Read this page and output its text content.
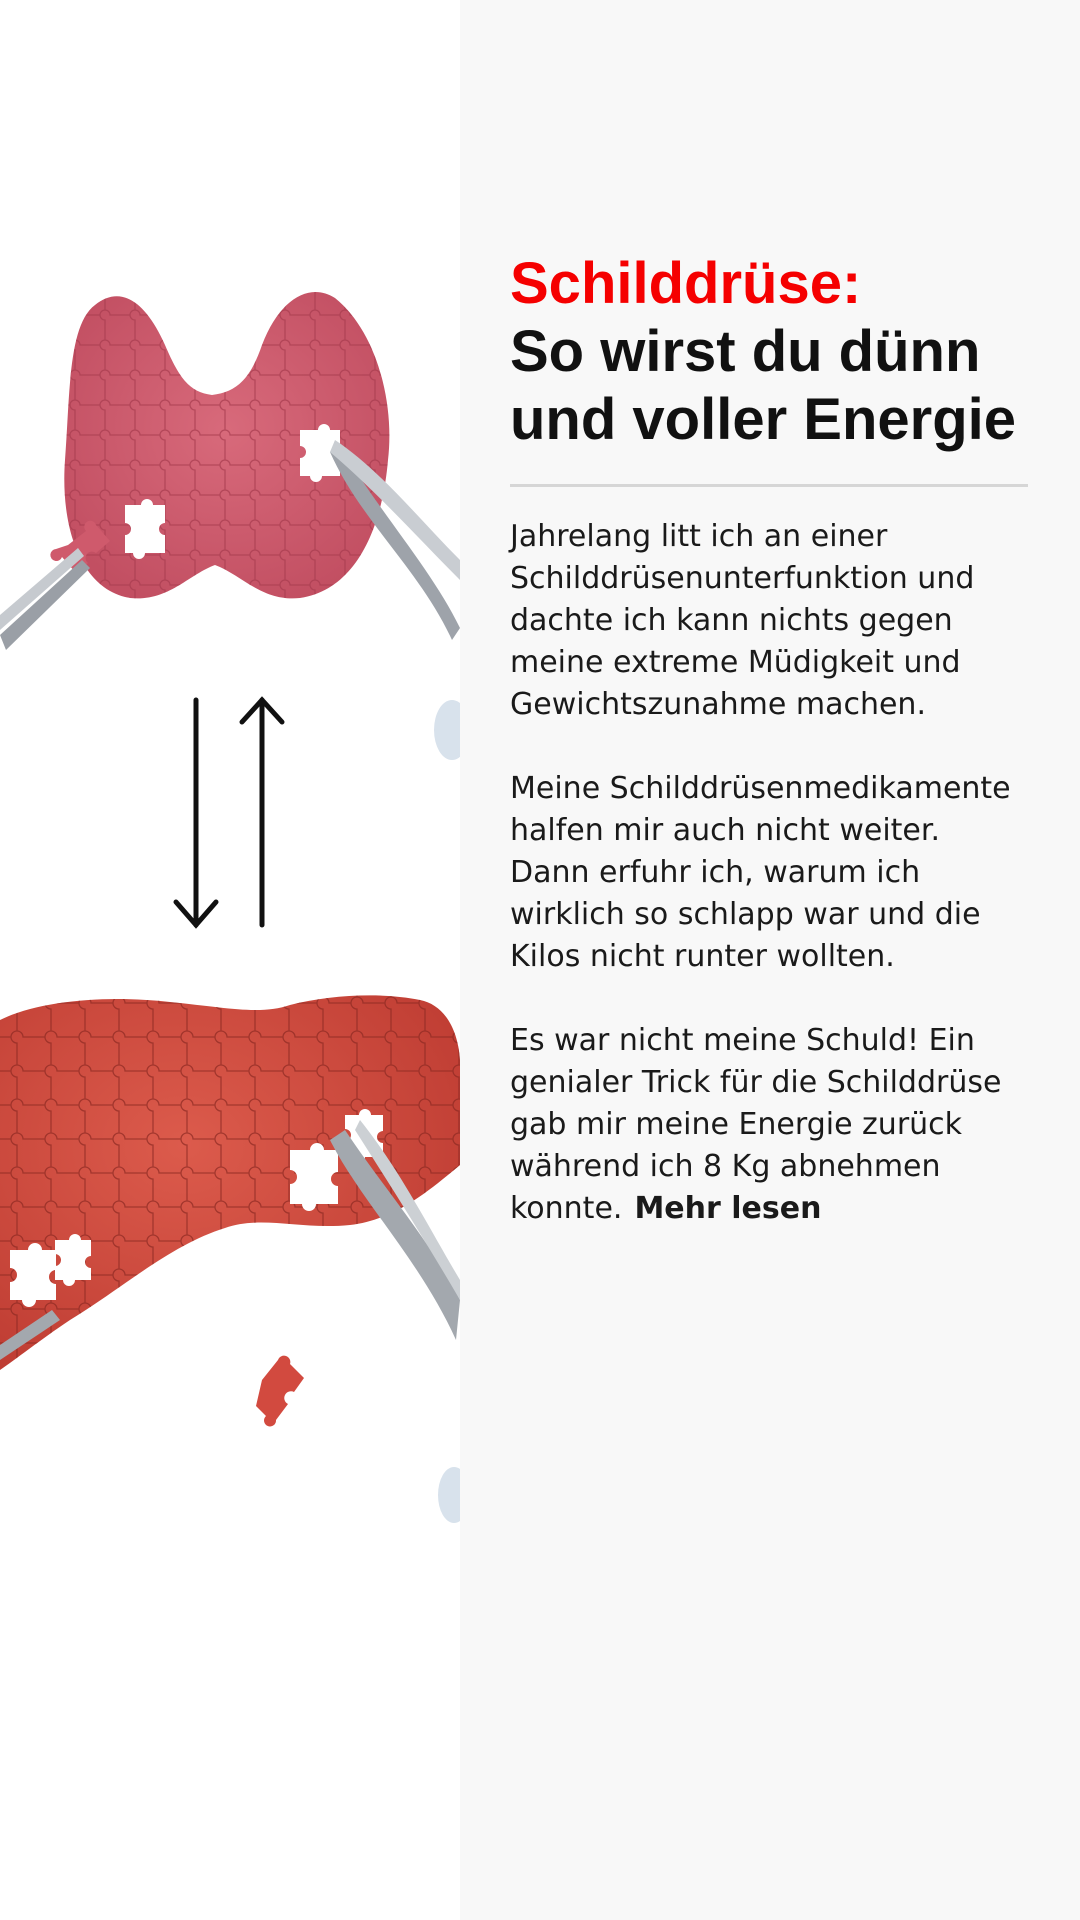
Schilddrüse:
So wirst du dünn
und voller Energie

Jahrelang litt ich an einer
Schilddrüsenunterfunktion und
dachte ich kann nichts gegen
meine extreme Müdigkeit und
Gewichtszunahme machen.

Meine Schilddrüsenmedikamente
halfen mir auch nicht weiter.
Dann erfuhr ich, warum ich
wirklich so schlapp war und die
Kilos nicht runter wollten.

Es war nicht meine Schuld! Ein
genialer Trick für die Schilddrüse
gab mir meine Energie zurück
während ich 8 Kg abnehmen
konnte. Mehr lesen
